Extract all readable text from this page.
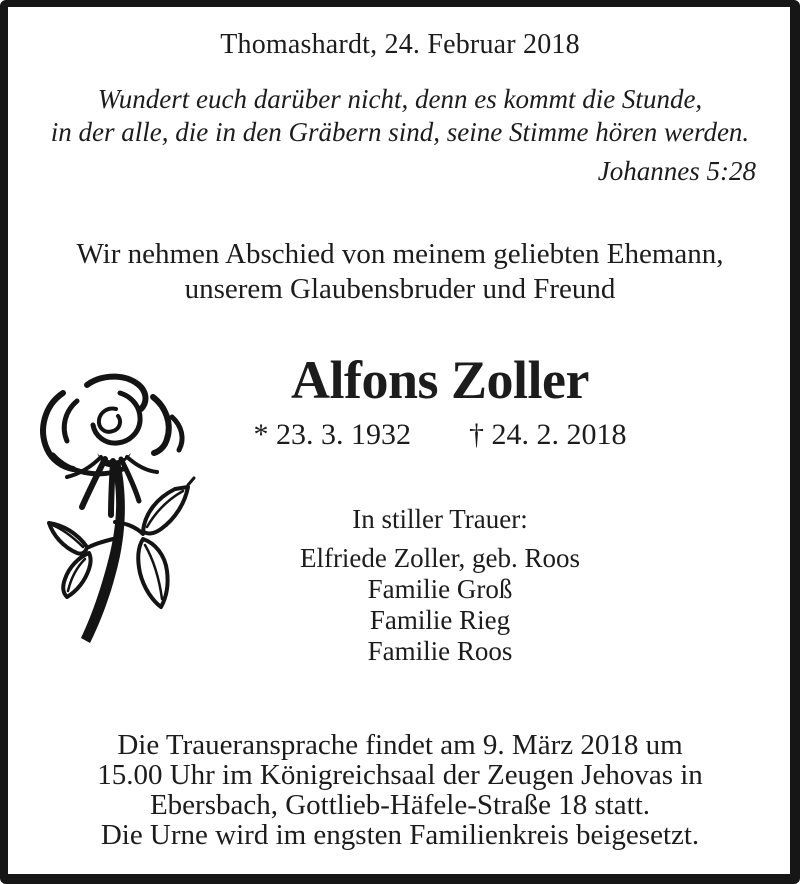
Thomashardt, 24. Februar 2018
Wundert euch darüber nicht, denn es kommt die Stunde,
in der alle, die in den Gräbern sind, seine Stimme hören werden.
Johannes 5:28
Wir nehmen Abschied von meinem geliebten Ehemann,
unserem Glaubensbruder und Freund
Alfons Zoller
* 23. 3. 1932 † 24. 2. 2018
In stiller Trauer:
Elfriede Zoller, geb. Roos
Familie Groß
Familie Rieg
Familie Roos
Die Traueransprache findet am 9. März 2018 um
15.00 Uhr im Königreichsaal der Zeugen Jehovas in
Ebersbach, Gottlieb-Häfele-Straße 18 statt.
Die Urne wird im engsten Familienkreis beigesetzt.
